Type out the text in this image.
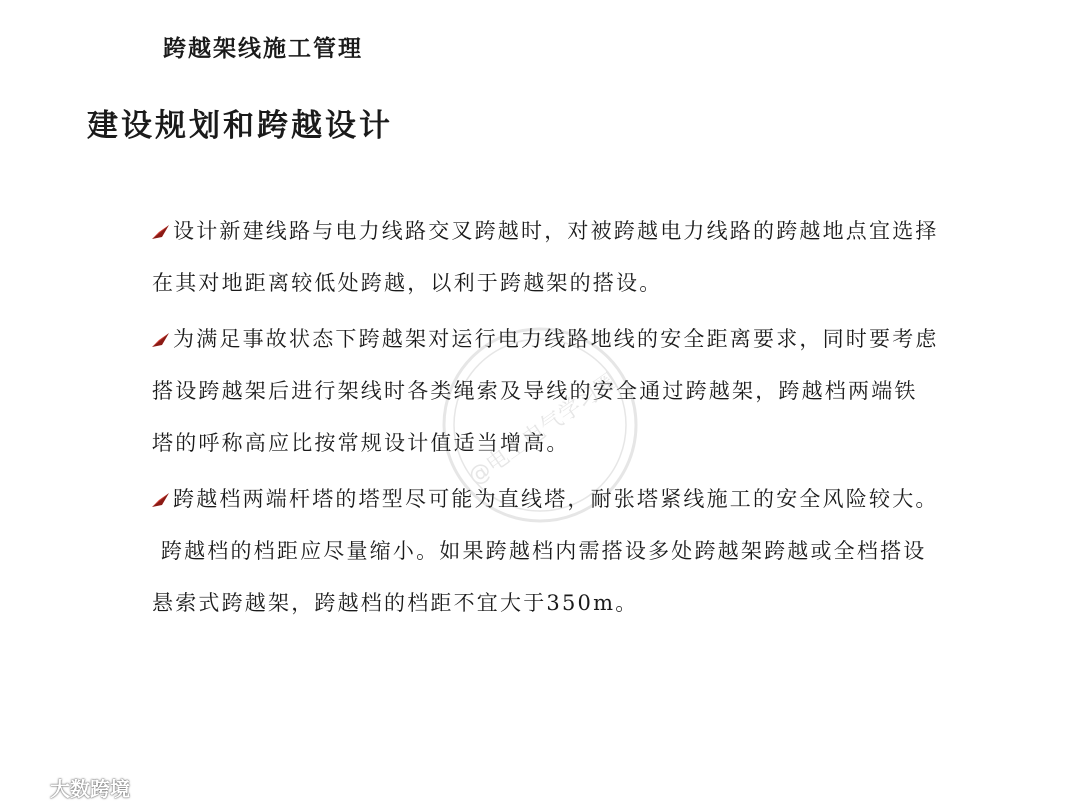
跨越架线施工管理
建设规划和跨越设计
设计新建线路与电力线路交叉跨越时，对被跨越电力线路的跨越地点宜选择
在其对地距离较低处跨越，以利于跨越架的搭设。
为满足事故状态下跨越架对运行电力线路地线的安全距离要求，同时要考虑
搭设跨越架后进行架线时各类绳索及导线的安全通过跨越架，跨越档两端铁
塔的呼称高应比按常规设计值适当增高。
跨越档两端杆塔的塔型尽可能为直线塔，耐张塔紧线施工的安全风险较大。
跨越档的档距应尽量缩小。如果跨越档内需搭设多处跨越架跨越或全档搭设
悬索式跨越架，跨越档的档距不宜大于350m。
@电工电气学习圈
大数跨境
